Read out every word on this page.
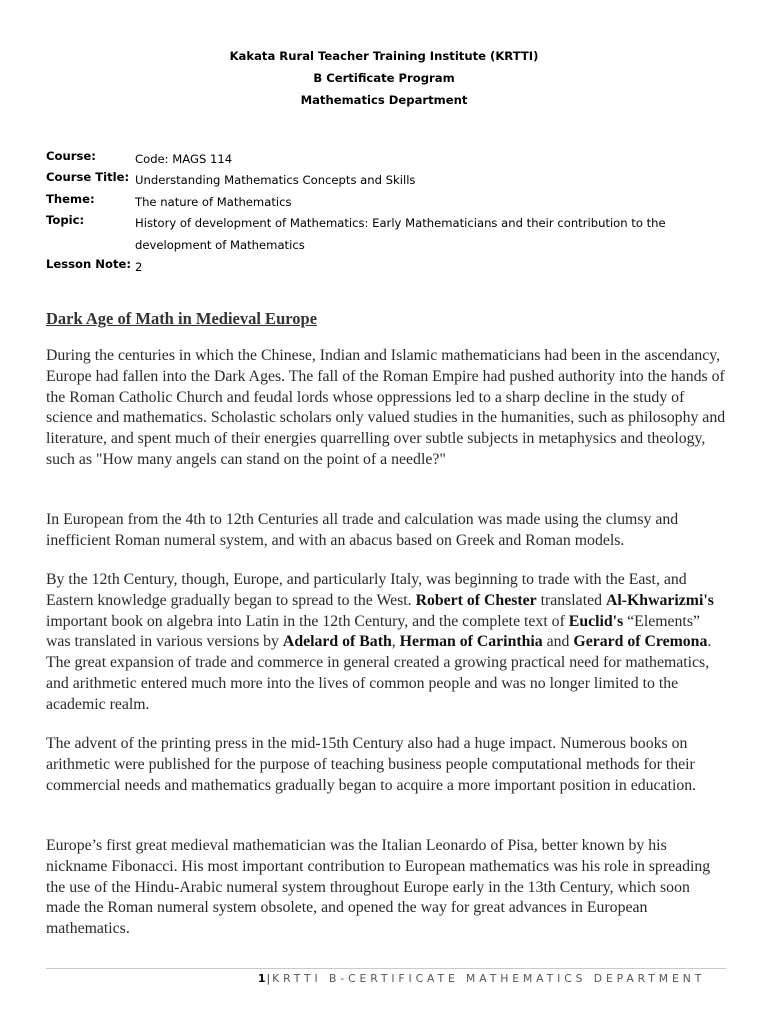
Kakata Rural Teacher Training Institute (KRTTI)
B Certificate Program
Mathematics Department
Course:	Code: MAGS 114
Course Title: Understanding Mathematics Concepts and Skills
Theme:	The nature of Mathematics
Topic:	History of development of Mathematics: Early Mathematicians and their contribution to the development of Mathematics
Lesson Note: 2
Dark Age of Math in Medieval Europe

During the centuries in which the Chinese, Indian and Islamic mathematicians had been in the ascendancy, Europe had fallen into the Dark Ages. The fall of the Roman Empire had pushed authority into the hands of the Roman Catholic Church and feudal lords whose oppressions led to a sharp decline in the study of science and mathematics. Scholastic scholars only valued studies in the humanities, such as philosophy and literature, and spent much of their energies quarrelling over subtle subjects in metaphysics and theology, such as "How many angels can stand on the point of a needle?"

In European from the 4th to 12th Centuries all trade and calculation was made using the clumsy and inefficient Roman numeral system, and with an abacus based on Greek and Roman models.

By the 12th Century, though, Europe, and particularly Italy, was beginning to trade with the East, and Eastern knowledge gradually began to spread to the West. Robert of Chester translated Al-Khwarizmi's important book on algebra into Latin in the 12th Century, and the complete text of Euclid's “Elements” was translated in various versions by Adelard of Bath, Herman of Carinthia and Gerard of Cremona. The great expansion of trade and commerce in general created a growing practical need for mathematics, and arithmetic entered much more into the lives of common people and was no longer limited to the academic realm.

The advent of the printing press in the mid-15th Century also had a huge impact. Numerous books on arithmetic were published for the purpose of teaching business people computational methods for their commercial needs and mathematics gradually began to acquire a more important position in education.

Europe’s first great medieval mathematician was the Italian Leonardo of Pisa, better known by his nickname Fibonacci. His most important contribution to European mathematics was his role in spreading the use of the Hindu-Arabic numeral system throughout Europe early in the 13th Century, which soon made the Roman numeral system obsolete, and opened the way for great advances in European mathematics.

1| KRTTI B-CERTIFICATE MATHEMATICS DEPARTMENT
